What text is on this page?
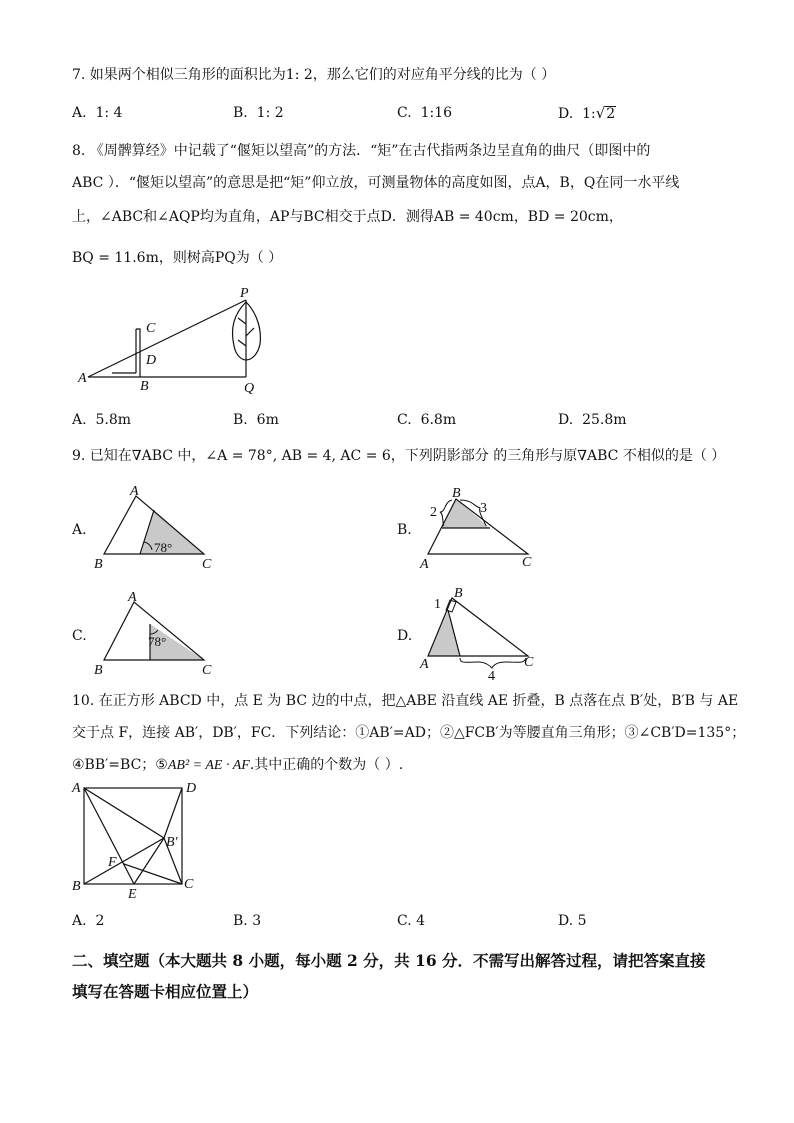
7. 如果两个相似三角形的面积比为1: 2，那么它们的对应角平分线的比为（ ）
A. 1: 4	B. 1: 2	C. 1:16	D. 1:√2
8. 《周髀算经》中记载了“偃矩以望高”的方法．“矩”在古代指两条边呈直角的曲尺（即图中的
ABC ）．“偃矩以望高”的意思是把“矩”仰立放，可测量物体的高度如图，点A，B，Q在同一水平线
上，∠ABC和∠AQP均为直角，AP与BC相交于点D．测得AB = 40cm，BD = 20cm，
BQ = 11.6m，则树高PQ为（ ）
A
B
C
D
P
Q
A. 5.8m	B. 6m	C. 6.8m	D. 25.8m
9. 已知在∇ABC 中，∠A = 78°, AB = 4, AC = 6，下列阴影部分 的三角形与原∇ABC 不相似的是（ ）
A.
78°
A
B	C
B.
2	3
B
A	C
C.	78°
A
B	C
D.
1
4
B
A	C
10. 在正方形 ABCD 中，点 E 为 BC 边的中点，把△ABE 沿直线 AE 折叠，B 点落在点 B′处，B′B 与 AE
交于点 F，连接 AB′，DB′，FC．下列结论：①AB′=AD；②△FCB′为等腰直角三角形；③∠CB′D=135°；
④BB′=BC；⑤AB² = AE · AF.其中正确的个数为（ ）.
A	D
B	C
E
F
B′
A. 2	B. 3	C. 4	D. 5
二、填空题（本大题共 8 小题，每小题 2 分，共 16 分．不需写出解答过程，请把答案直接
填写在答题卡相应位置上）
